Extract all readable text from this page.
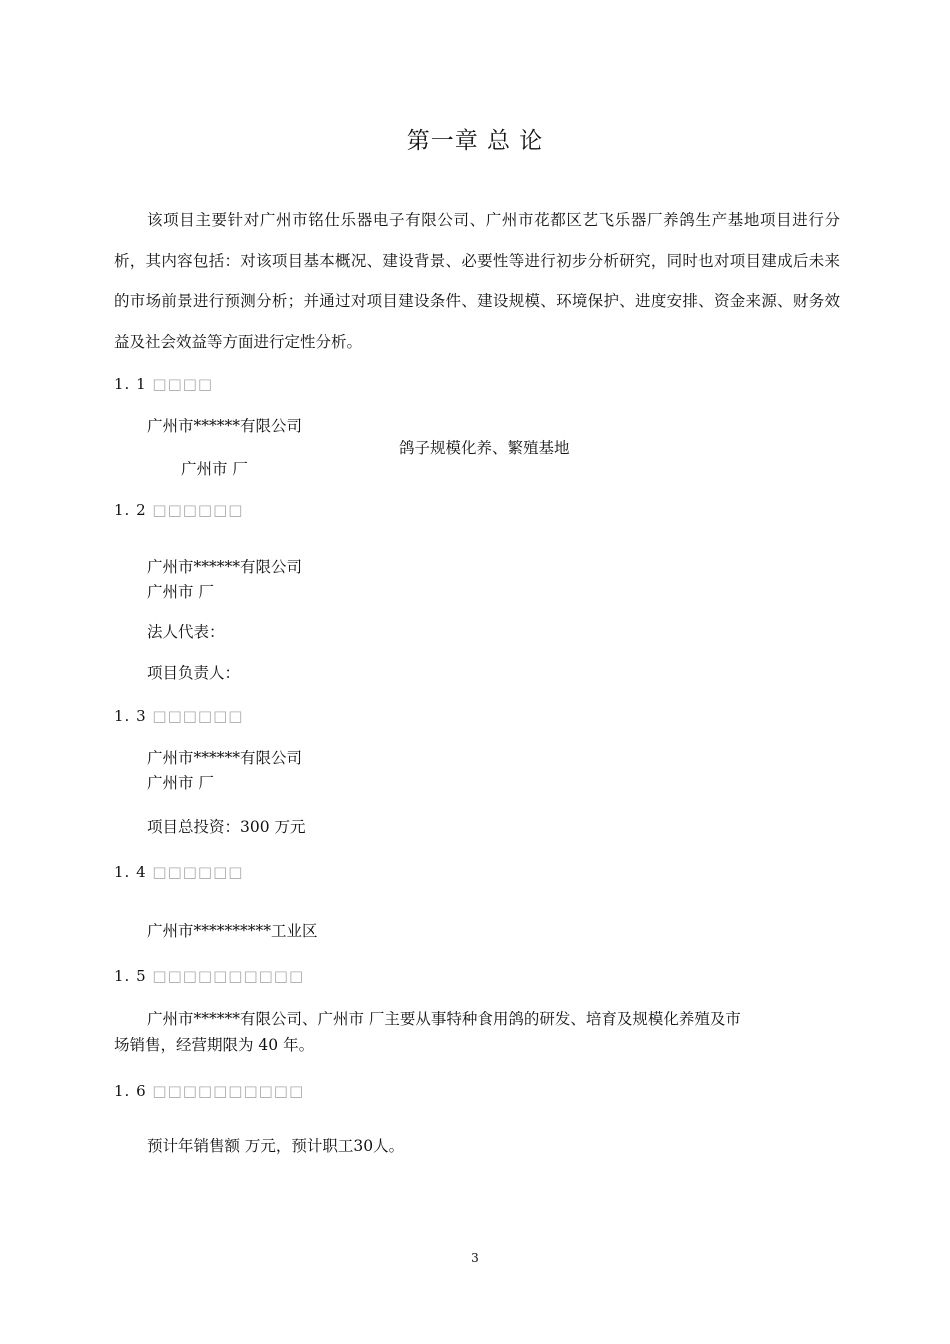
第一章 总 论
该项目主要针对广州市铭仕乐器电子有限公司、广州市花都区艺飞乐器厂养鸽生产基地项目进行分析，其内容包括：对该项目基本概况、建设背景、必要性等进行初步分析研究，同时也对项目建成后未来的市场前景进行预测分析；并通过对项目建设条件、建设规模、环境保护、进度安排、资金来源、财务效益及社会效益等方面进行定性分析。
1. 1 □□□□
广州市******有限公司
鸽子规模化养、繁殖基地
广州市 厂
1. 2 □□□□□□
广州市******有限公司
广州市 厂
法人代表：
项目负责人：
1. 3 □□□□□□
广州市******有限公司
广州市 厂
项目总投资：300 万元
1. 4 □□□□□□
广州市**********工业区
1. 5 □□□□□□□□□□
广州市******有限公司、广州市 厂主要从事特种食用鸽的研发、培育及规模化养殖及市
场销售，经营期限为 40 年。
1. 6 □□□□□□□□□□
预计年销售额 万元，预计职工30人。
3
